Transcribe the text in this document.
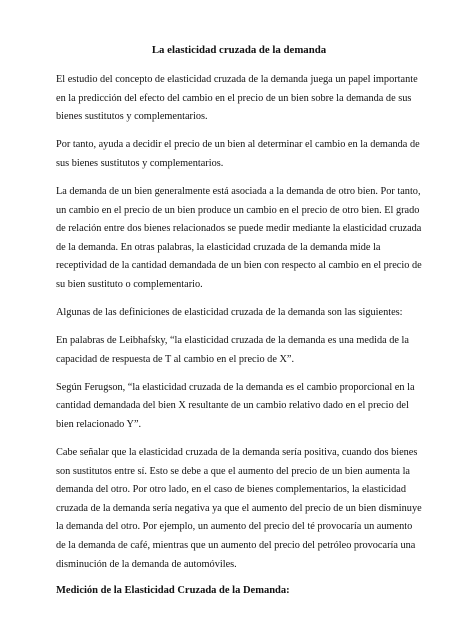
La elasticidad cruzada de la demanda

El estudio del concepto de elasticidad cruzada de la demanda juega un papel importante en la predicción del efecto del cambio en el precio de un bien sobre la demanda de sus bienes sustitutos y complementarios.

Por tanto, ayuda a decidir el precio de un bien al determinar el cambio en la demanda de sus bienes sustitutos y complementarios.

La demanda de un bien generalmente está asociada a la demanda de otro bien. Por tanto, un cambio en el precio de un bien produce un cambio en el precio de otro bien. El grado de relación entre dos bienes relacionados se puede medir mediante la elasticidad cruzada de la demanda. En otras palabras, la elasticidad cruzada de la demanda mide la receptividad de la cantidad demandada de un bien con respecto al cambio en el precio de su bien sustituto o complementario.

Algunas de las definiciones de elasticidad cruzada de la demanda son las siguientes:

En palabras de Leibhafsky, “la elasticidad cruzada de la demanda es una medida de la capacidad de respuesta de T al cambio en el precio de X”.

Según Ferugson, “la elasticidad cruzada de la demanda es el cambio proporcional en la cantidad demandada del bien X resultante de un cambio relativo dado en el precio del bien relacionado Y”.

Cabe señalar que la elasticidad cruzada de la demanda sería positiva, cuando dos bienes son sustitutos entre sí. Esto se debe a que el aumento del precio de un bien aumenta la demanda del otro. Por otro lado, en el caso de bienes complementarios, la elasticidad cruzada de la demanda sería negativa ya que el aumento del precio de un bien disminuye la demanda del otro. Por ejemplo, un aumento del precio del té provocaría un aumento de la demanda de café, mientras que un aumento del precio del petróleo provocaría una disminución de la demanda de automóviles.

Medición de la Elasticidad Cruzada de la Demanda:
